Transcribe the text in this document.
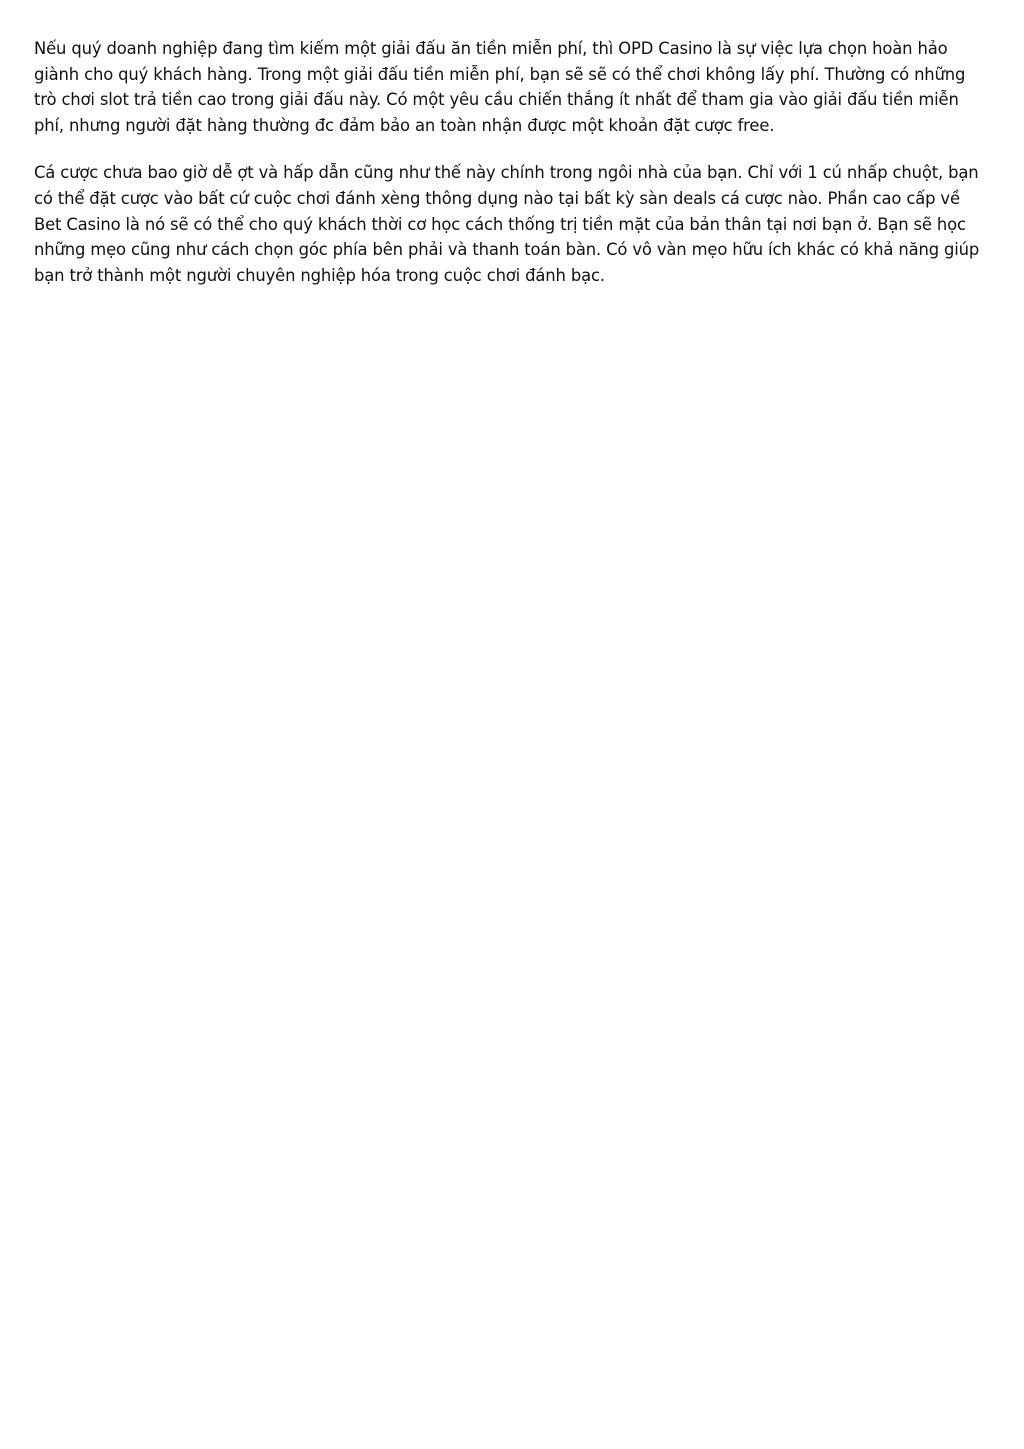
Nếu quý doanh nghiệp đang tìm kiếm một giải đấu ăn tiền miễn phí, thì OPD Casino là sự việc lựa chọn hoàn hảo giành cho quý khách hàng. Trong một giải đấu tiền miễn phí, bạn sẽ sẽ có thể chơi không lấy phí. Thường có những trò chơi slot trả tiền cao trong giải đấu này. Có một yêu cầu chiến thắng ít nhất để tham gia vào giải đấu tiền miễn phí, nhưng người đặt hàng thường đc đảm bảo an toàn nhận được một khoản đặt cược free.

Cá cược chưa bao giờ dễ ợt và hấp dẫn cũng như thế này chính trong ngôi nhà của bạn. Chỉ với 1 cú nhấp chuột, bạn có thể đặt cược vào bất cứ cuộc chơi đánh xèng thông dụng nào tại bất kỳ sàn deals cá cược nào. Phần cao cấp về Bet Casino là nó sẽ có thể cho quý khách thời cơ học cách thống trị tiền mặt của bản thân tại nơi bạn ở. Bạn sẽ học những mẹo cũng như cách chọn góc phía bên phải và thanh toán bàn. Có vô vàn mẹo hữu ích khác có khả năng giúp bạn trở thành một người chuyên nghiệp hóa trong cuộc chơi đánh bạc.
